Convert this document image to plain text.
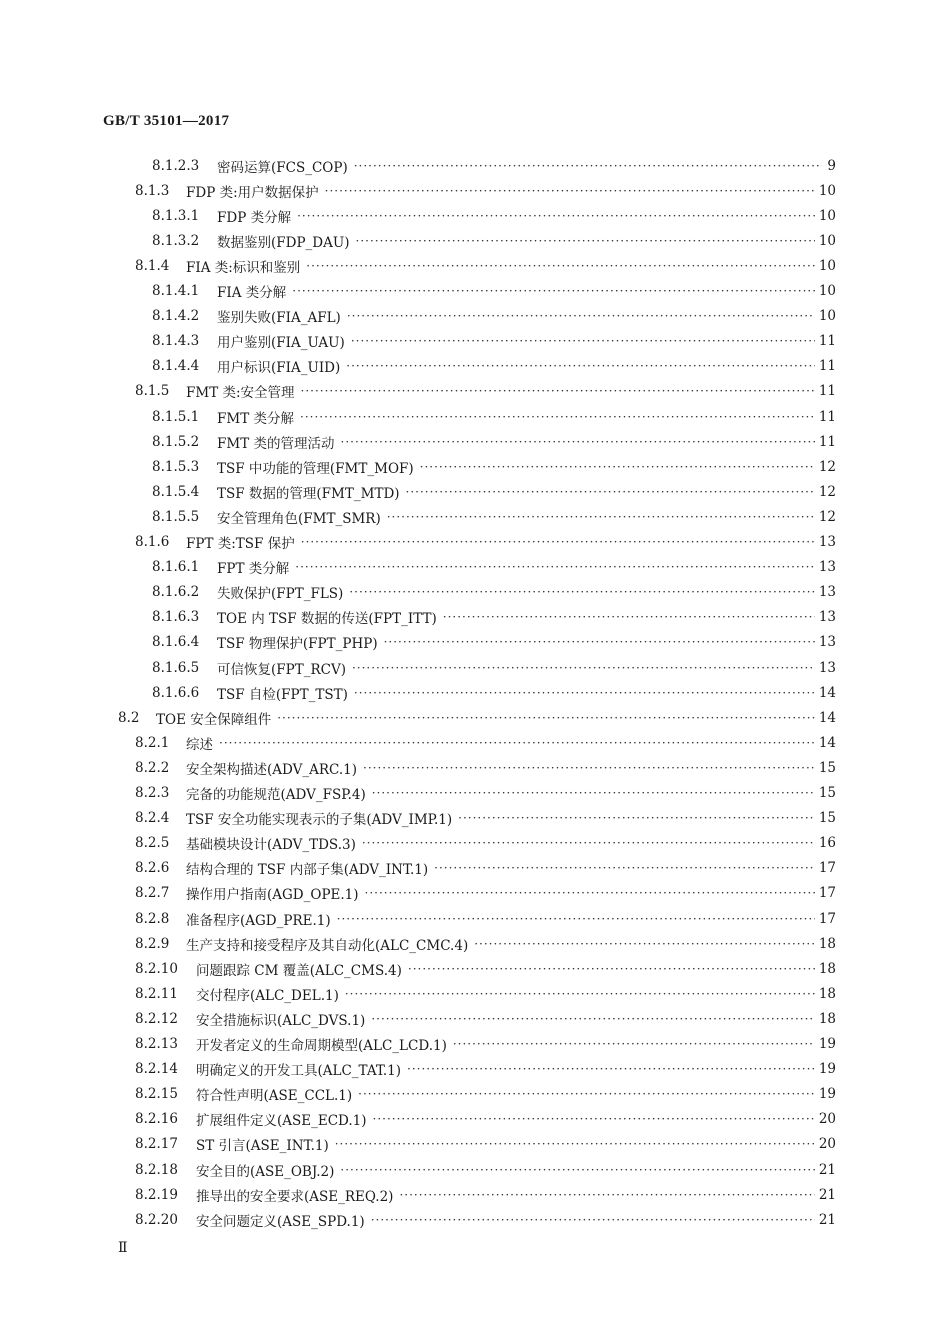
GB/T 35101—2017
8.1.2.3	密码运算(FCS_COP) ·····	9
8.1.3	FDP 类:用户数据保护 ·····	10
8.1.3.1	FDP 类分解 ·····	10
8.1.3.2	数据鉴别(FDP_DAU) ·····	10
8.1.4	FIA 类:标识和鉴别 ·····	10
8.1.4.1	FIA 类分解 ·····	10
8.1.4.2	鉴别失败(FIA_AFL) ·····	10
8.1.4.3	用户鉴别(FIA_UAU) ·····	11
8.1.4.4	用户标识(FIA_UID) ·····	11
8.1.5	FMT 类:安全管理 ·····	11
8.1.5.1	FMT 类分解 ·····	11
8.1.5.2	FMT 类的管理活动 ·····	11
8.1.5.3	TSF 中功能的管理(FMT_MOF) ·····	12
8.1.5.4	TSF 数据的管理(FMT_MTD) ·····	12
8.1.5.5	安全管理角色(FMT_SMR) ·····	12
8.1.6	FPT 类:TSF 保护 ·····	13
8.1.6.1	FPT 类分解 ·····	13
8.1.6.2	失败保护(FPT_FLS) ·····	13
8.1.6.3	TOE 内 TSF 数据的传送(FPT_ITT) ·····	13
8.1.6.4	TSF 物理保护(FPT_PHP) ·····	13
8.1.6.5	可信恢复(FPT_RCV) ·····	13
8.1.6.6	TSF 自检(FPT_TST) ·····	14
8.2	TOE 安全保障组件 ·····	14
8.2.1	综述 ·····	14
8.2.2	安全架构描述(ADV_ARC.1) ·····	15
8.2.3	完备的功能规范(ADV_FSP.4) ·····	15
8.2.4	TSF 安全功能实现表示的子集(ADV_IMP.1) ·····	15
8.2.5	基础模块设计(ADV_TDS.3) ·····	16
8.2.6	结构合理的 TSF 内部子集(ADV_INT.1) ·····	17
8.2.7	操作用户指南(AGD_OPE.1) ·····	17
8.2.8	准备程序(AGD_PRE.1) ·····	17
8.2.9	生产支持和接受程序及其自动化(ALC_CMC.4) ·····	18
8.2.10	问题跟踪 CM 覆盖(ALC_CMS.4) ·····	18
8.2.11	交付程序(ALC_DEL.1) ·····	18
8.2.12	安全措施标识(ALC_DVS.1) ·····	18
8.2.13	开发者定义的生命周期模型(ALC_LCD.1) ·····	19
8.2.14	明确定义的开发工具(ALC_TAT.1) ·····	19
8.2.15	符合性声明(ASE_CCL.1) ·····	19
8.2.16	扩展组件定义(ASE_ECD.1) ·····	20
8.2.17	ST 引言(ASE_INT.1) ·····	20
8.2.18	安全目的(ASE_OBJ.2) ·····	21
8.2.19	推导出的安全要求(ASE_REQ.2) ·····	21
8.2.20	安全问题定义(ASE_SPD.1) ·····	21
Ⅱ
